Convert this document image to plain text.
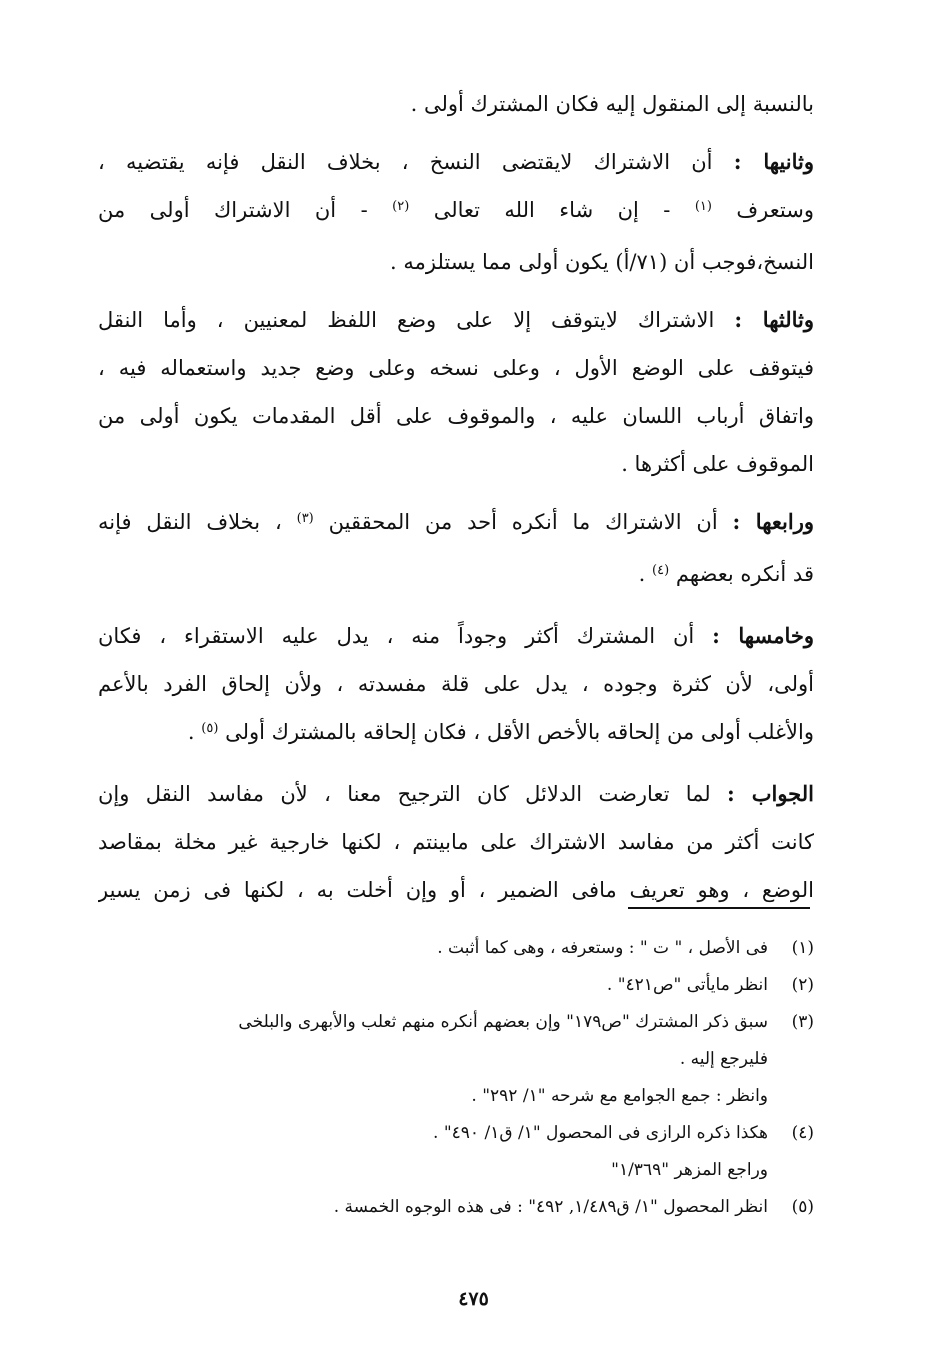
بالنسبة إلى المنقول إليه فكان المشترك أولى .

وثانيها : أن الاشتراك لايقتضى النسخ ، بخلاف النقل فإنه يقتضيه ،
وستعرف $^{(١)}$ - إن شاء الله تعالى $^{(٢)}$ - أن الاشتراك أولى من
النسخ،فوجب أن (٧١/أ) يكون أولى مما يستلزمه .

وثالثها : الاشتراك لايتوقف إلا على وضع اللفظ لمعنيين ، وأما النقل
فيتوقف على الوضع الأول ، وعلى نسخه وعلى وضع جديد واستعماله فيه ،
واتفاق أرباب اللسان عليه ، والموقوف على أقل المقدمات يكون أولى من
الموقوف على أكثرها .

ورابعها : أن الاشتراك ما أنكره أحد من المحققين $^{(٣)}$ ، بخلاف النقل فإنه
قد أنكره بعضهم $^{(٤)}$ .

وخامسها : أن المشترك أكثر وجوداً منه ، يدل عليه الاستقراء ، فكان
أولى، لأن كثرة وجوده ، يدل على قلة مفسدته ، ولأن إلحاق الفرد بالأعم
والأغلب أولى من إلحاقه بالأخص الأقل ، فكان إلحاقه بالمشترك أولى $^{(٥)}$ .

الجواب : لما تعارضت الدلائل كان الترجيح معنا ، لأن مفاسد النقل وإن
كانت أكثر من مفاسد الاشتراك على مابينتم ، لكنها خارجية غير مخلة بمقاصد
الوضع ، وهو تعريف مافى الضمير ، أو وإن أخلت به ، لكنها فى زمن يسير

(١)
فى الأصل ، " ت " : وستعرفه ، وهى كما أثبت .
(٢)
انظر مايأتى "ص٤٢١" .
(٣)
سبق ذكر المشترك "ص١٧٩" وإن بعضهم أنكره منهم ثعلب والأبهرى والبلخى
فليرجع إليه .
وانظر : جمع الجوامع مع شرحه "١/ ٢٩٢" .
(٤)
هكذا ذكره الرازى فى المحصول "١/ ق١/ ٤٩٠" .
وراجع المزهر "١/٣٦٩"
(٥)
انظر المحصول "١/ ق١/٤٨٩, ٤٩٢" : فى هذه الوجوه الخمسة .
٤٧٥
